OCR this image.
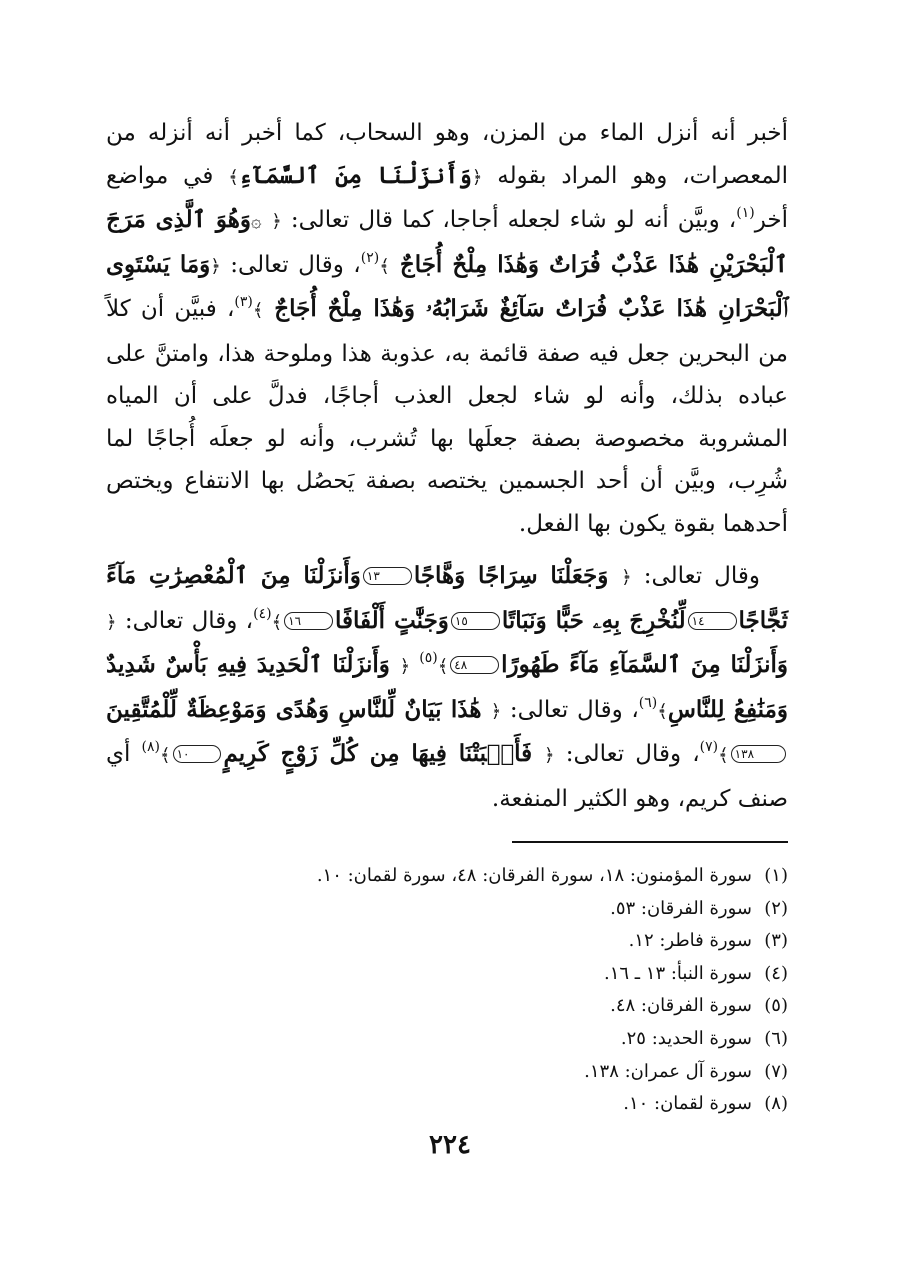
أخبر أنه أنزل الماء من المزن، وهو السحاب، كما أخبر أنه أنزله من المعصرات، وهو المراد بقوله ﴿وَأَنزَلْنَا مِنَ ٱلسَّمَآءِ﴾ في مواضع أخر$^{(١)}$، وبيَّن أنه لو شاء لجعله أجاجا، كما قال تعالى: ﴿ ۞وَهُوَ ٱلَّذِى مَرَجَ ٱلْبَحْرَيْنِ هَٰذَا عَذْبٌ فُرَاتٌ وَهَٰذَا مِلْحٌ أُجَاجٌ ﴾$^{(٢)}$، وقال تعالى: ﴿وَمَا يَسْتَوِى ٱلْبَحْرَانِ هَٰذَا عَذْبٌ فُرَاتٌ سَآئِغٌ شَرَابُهُۥ وَهَٰذَا مِلْحٌ أُجَاجٌ ﴾$^{(٣)}$، فبيَّن أن كلاً من البحرين جعل فيه صفة قائمة به، عذوبة هذا وملوحة هذا، وامتنَّ على عباده بذلك، وأنه لو شاء لجعل العذب أجاجًا، فدلَّ على أن المياه المشروبة مخصوصة بصفة جعلَها بها تُشرب، وأنه لو جعلَه أُجاجًا لما شُرِب، وبيَّن أن أحد الجسمين يختصه بصفة يَحصُل بها الانتفاع ويختص أحدهما بقوة يكون بها الفعل.

وقال تعالى: ﴿ وَجَعَلْنَا سِرَاجًا وَهَّاجًا١٣وَأَنزَلْنَا مِنَ ٱلْمُعْصِرَٰتِ مَآءً ثَجَّاجًا١٤لِّنُخْرِجَ بِهِۦ حَبًّا وَنَبَاتًا١٥وَجَنَّٰتٍ أَلْفَافًا١٦﴾$^{(٤)}$، وقال تعالى: ﴿ وَأَنزَلْنَا مِنَ ٱلسَّمَآءِ مَآءً طَهُورًا٤٨﴾$^{(٥)}$ ﴿ وَأَنزَلْنَا ٱلْحَدِيدَ فِيهِ بَأْسٌ شَدِيدٌ وَمَنَٰفِعُ لِلنَّاسِ﴾$^{(٦)}$، وقال تعالى: ﴿ هَٰذَا بَيَانٌ لِّلنَّاسِ وَهُدًى وَمَوْعِظَةٌ لِّلْمُتَّقِينَ١٣٨﴾$^{(٧)}$، وقال تعالى: ﴿ فَأَنۢبَتْنَا فِيهَا مِن كُلِّ زَوْجٍ كَرِيمٍ١٠﴾$^{(٨)}$ أي صنف كريم، وهو الكثير المنفعة.

(١)سورة المؤمنون: ١٨، سورة الفرقان: ٤٨، سورة لقمان: ١٠.

(٢)سورة الفرقان: ٥٣.

(٣)سورة فاطر: ١٢.

(٤)سورة النبأ: ١٣ ـ ١٦.

(٥)سورة الفرقان: ٤٨.

(٦)سورة الحديد: ٢٥.

(٧)سورة آل عمران: ١٣٨.

(٨)سورة لقمان: ١٠.

٢٢٤
